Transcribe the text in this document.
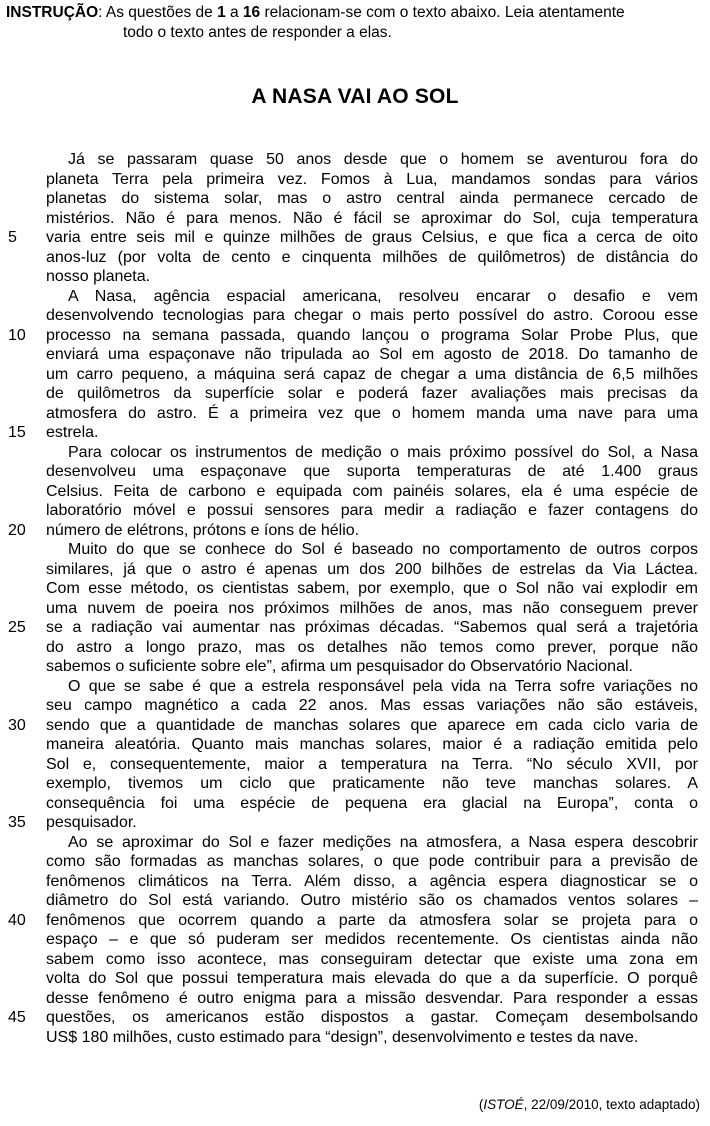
INSTRUÇÃO: As questões de 1 a 16 relacionam-se com o texto abaixo. Leia atentamente
todo o texto antes de responder a elas.
A NASA VAI AO SOL
5
10
15
20
25
30
35
40
45
Já se passaram quase 50 anos desde que o homem se aventurou fora do
planeta Terra pela primeira vez. Fomos à Lua, mandamos sondas para vários
planetas do sistema solar, mas o astro central ainda permanece cercado de
mistérios. Não é para menos. Não é fácil se aproximar do Sol, cuja temperatura
varia entre seis mil e quinze milhões de graus Celsius, e que fica a cerca de oito
anos-luz (por volta de cento e cinquenta milhões de quilômetros) de distância do
nosso planeta.
A Nasa, agência espacial americana, resolveu encarar o desafio e vem
desenvolvendo tecnologias para chegar o mais perto possível do astro. Coroou esse
processo na semana passada, quando lançou o programa Solar Probe Plus, que
enviará uma espaçonave não tripulada ao Sol em agosto de 2018. Do tamanho de
um carro pequeno, a máquina será capaz de chegar a uma distância de 6,5 milhões
de quilômetros da superfície solar e poderá fazer avaliações mais precisas da
atmosfera do astro. É a primeira vez que o homem manda uma nave para uma
estrela.
Para colocar os instrumentos de medição o mais próximo possível do Sol, a Nasa
desenvolveu uma espaçonave que suporta temperaturas de até 1.400 graus
Celsius. Feita de carbono e equipada com painéis solares, ela é uma espécie de
laboratório móvel e possui sensores para medir a radiação e fazer contagens do
número de elétrons, prótons e íons de hélio.
Muito do que se conhece do Sol é baseado no comportamento de outros corpos
similares, já que o astro é apenas um dos 200 bilhões de estrelas da Via Láctea.
Com esse método, os cientistas sabem, por exemplo, que o Sol não vai explodir em
uma nuvem de poeira nos próximos milhões de anos, mas não conseguem prever
se a radiação vai aumentar nas próximas décadas. “Sabemos qual será a trajetória
do astro a longo prazo, mas os detalhes não temos como prever, porque não
sabemos o suficiente sobre ele”, afirma um pesquisador do Observatório Nacional.
O que se sabe é que a estrela responsável pela vida na Terra sofre variações no
seu campo magnético a cada 22 anos. Mas essas variações não são estáveis,
sendo que a quantidade de manchas solares que aparece em cada ciclo varia de
maneira aleatória. Quanto mais manchas solares, maior é a radiação emitida pelo
Sol e, consequentemente, maior a temperatura na Terra. “No século XVII, por
exemplo, tivemos um ciclo que praticamente não teve manchas solares. A
consequência foi uma espécie de pequena era glacial na Europa”, conta o
pesquisador.
Ao se aproximar do Sol e fazer medições na atmosfera, a Nasa espera descobrir
como são formadas as manchas solares, o que pode contribuir para a previsão de
fenômenos climáticos na Terra. Além disso, a agência espera diagnosticar se o
diâmetro do Sol está variando. Outro mistério são os chamados ventos solares –
fenômenos que ocorrem quando a parte da atmosfera solar se projeta para o
espaço – e que só puderam ser medidos recentemente. Os cientistas ainda não
sabem como isso acontece, mas conseguiram detectar que existe uma zona em
volta do Sol que possui temperatura mais elevada do que a da superfície. O porquê
desse fenômeno é outro enigma para a missão desvendar. Para responder a essas
questões, os americanos estão dispostos a gastar. Começam desembolsando
US$ 180 milhões, custo estimado para “design”, desenvolvimento e testes da nave.
(ISTOÉ, 22/09/2010, texto adaptado)
